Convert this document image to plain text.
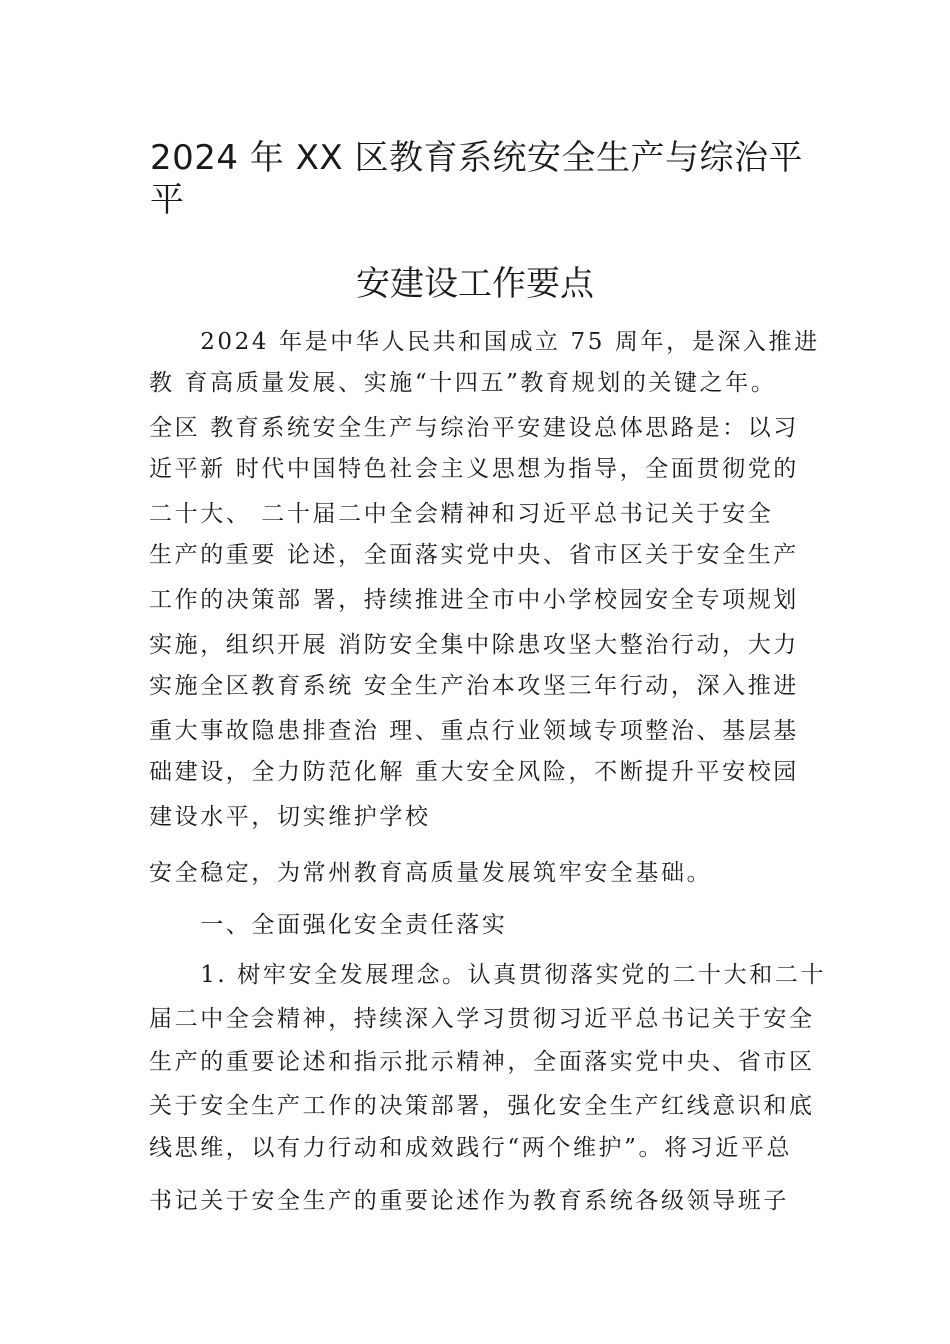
2024 年 XX 区教育系统安全生产与综治平
平
安建设工作要点
　　2024 年是中华人民共和国成立 75 周年，是深入推进
教 育高质量发展、实施“十四五”教育规划的关键之年。
全区 教育系统安全生产与综治平安建设总体思路是：以习
近平新 时代中国特色社会主义思想为指导，全面贯彻党的
二十大、 二十届二中全会精神和习近平总书记关于安全
生产的重要 论述，全面落实党中央、省市区关于安全生产
工作的决策部 署，持续推进全市中小学校园安全专项规划
实施，组织开展 消防安全集中除患攻坚大整治行动，大力
实施全区教育系统 安全生产治本攻坚三年行动，深入推进
重大事故隐患排查治 理、重点行业领域专项整治、基层基
础建设，全力防范化解 重大安全风险，不断提升平安校园
建设水平，切实维护学校
安全稳定，为常州教育高质量发展筑牢安全基础。
　　一、全面强化安全责任落实
　　1. 树牢安全发展理念。认真贯彻落实党的二十大和二十
届二中全会精神，持续深入学习贯彻习近平总书记关于安全
生产的重要论述和指示批示精神，全面落实党中央、省市区
关于安全生产工作的决策部署，强化安全生产红线意识和底
线思维，以有力行动和成效践行“两个维护”。将习近平总
书记关于安全生产的重要论述作为教育系统各级领导班子
